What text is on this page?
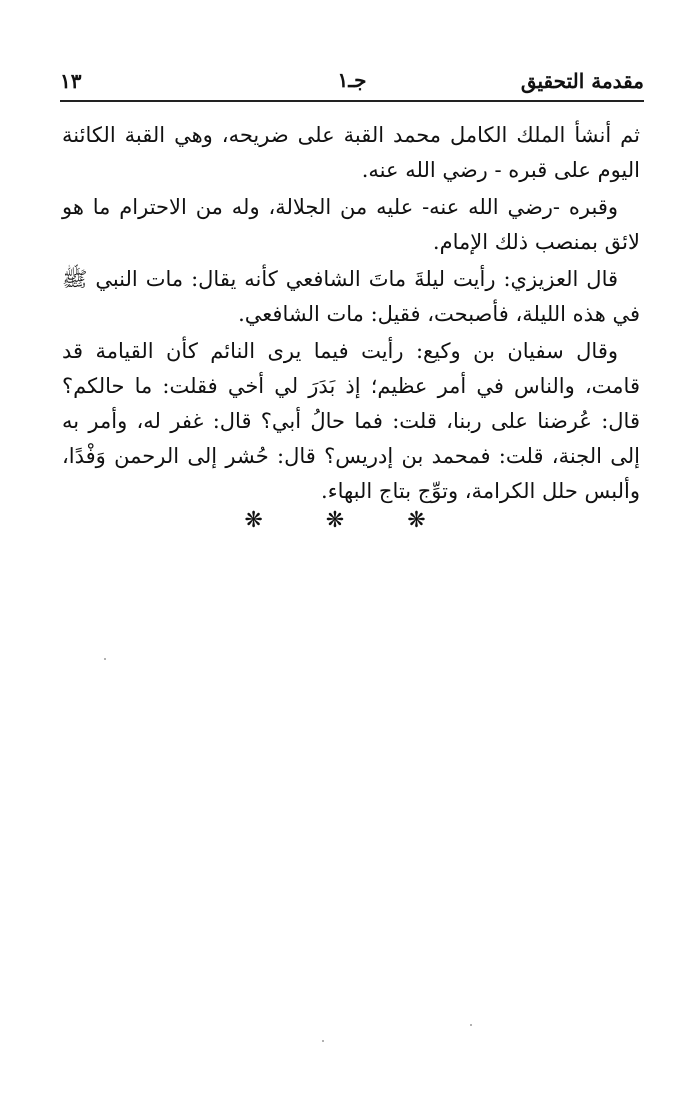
مقدمة التحقيق
١٣	جـ١

ثم أنشأ الملك الكامل محمد القبة على ضريحه، وهي القبة الكائنة اليوم على قبره - رضي الله عنه.

وقبره -رضي الله عنه- عليه من الجلالة، وله من الاحترام ما هو لائق بمنصب ذلك الإمام.

قال العزيزي: رأيت ليلةَ ماتَ الشافعي كأنه يقال: مات النبي ﷺ في هذه الليلة، فأصبحت، فقيل: مات الشافعي.

وقال سفيان بن وكيع: رأيت فيما يرى النائم كأن القيامة قد قامت، والناس في أمر عظيم؛ إذ بَدَرَ لي أخي فقلت: ما حالكم؟ قال: عُرضنا على ربنا، قلت: فما حالُ أبي؟ قال: غفر له، وأمر به إلى الجنة، قلت: فمحمد بن إدريس؟ قال: حُشر إلى الرحمن وَفْدًا، وألبس حلل الكرامة، وتوِّج بتاج البهاء.

❋ ❋ ❋
